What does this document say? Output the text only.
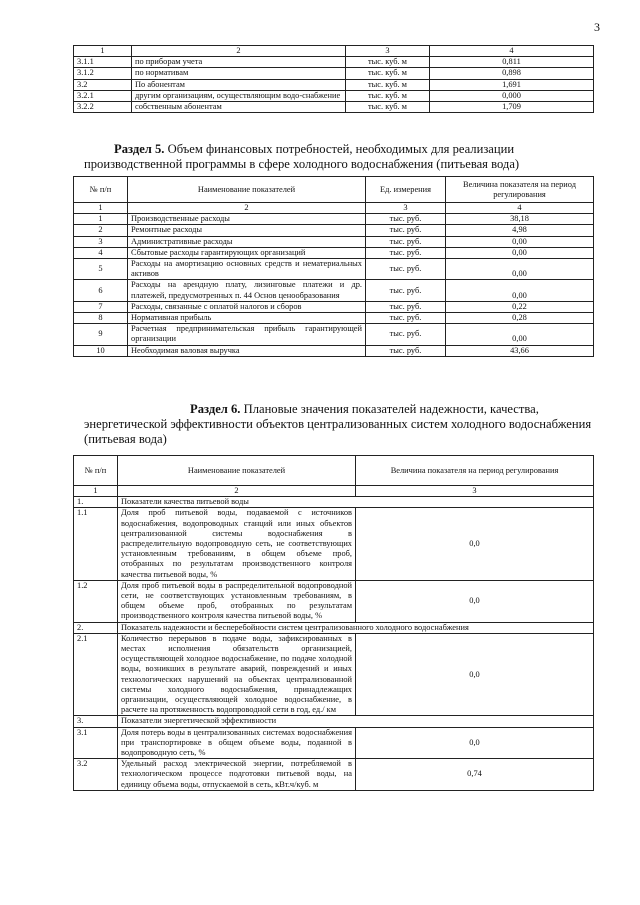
3
1	2	3	4
3.1.1	по приборам учета	тыс. куб. м	0,811
3.1.2	по нормативам	тыс. куб. м	0,898
3.2	По абонентам	тыс. куб. м	1,691
3.2.1	другим организациям, осуществляющим водо-снабжение	тыс. куб. м	0,000
3.2.2	собственным абонентам	тыс. куб. м	1,709

Раздел 5. Объем финансовых потребностей, необходимых для реализации производственной программы в сфере холодного водоснабжения (питьевая вода)

№ п/п	Наименование показателей	Ед. измерения	Величина показателя на период регулирования
1	2	3	4
1	Производственные расходы	тыс. руб.	38,18
2	Ремонтные расходы	тыс. руб.	4,98
3	Административные расходы	тыс. руб.	0,00
4	Сбытовые расходы гарантирующих организаций	тыс. руб.	0,00
5	Расходы на амортизацию основных средств и нематериальных активов	тыс. руб.	0,00
6	Расходы на арендную плату, лизинговые платежи и др. платежей, предусмотренных п. 44 Основ ценообразования	тыс. руб.	0,00
7	Расходы, связанные с оплатой налогов и сборов	тыс. руб.	0,22
8	Нормативная прибыль	тыс. руб.	0,28
9	Расчетная предпринимательская прибыль гарантирующей организации	тыс. руб.	0,00
10	Необходимая валовая выручка	тыс. руб.	43,66

Раздел 6. Плановые значения показателей надежности, качества, энергетической эффективности объектов централизованных систем холодного водоснабжения (питьевая вода)

№ п/п	Наименование показателей	Величина показателя на период регулирования
1	2	3
1.	Показатели качества питьевой воды	
1.1	Доля проб питьевой воды, подаваемой с источников водоснабжения, водопроводных станций или иных объектов централизованной системы водоснабжения в распределительную водопроводную сеть, не соответствующих установленным требованиям, в общем объеме проб, отобранных по результатам производственного контроля качества питьевой воды, %	0,0
1.2	Доля проб питьевой воды в распределительной водопроводной сети, не соответствующих установленным требованиям, в общем объеме проб, отобранных по результатам производственного контроля качества питьевой воды, %	0,0
2.	Показатель надежности и бесперебойности систем централизованного холодного водоснабжения	
2.1	Количество перерывов в подаче воды, зафиксированных в местах исполнения обязательств организацией, осуществляющей холодное водоснабжение, по подаче холодной воды, возникших в результате аварий, повреждений и иных технологических нарушений на объектах централизованной системы холодного водоснабжения, принадлежащих организации, осуществляющей холодное водоснабжение, в расчете на протяженность водопроводной сети в год, ед./ км	0,0
3.	Показатели энергетической эффективности	
3.1	Доля потерь воды в централизованных системах водоснабжения при транспортировке в общем объеме воды, поданной в водопроводную сеть, %	0,0
3.2	Удельный расход электрической энергии, потребляемой в технологическом процессе подготовки питьевой воды, на единицу объема воды, отпускаемой в сеть, кВт.ч/куб. м	0,74
